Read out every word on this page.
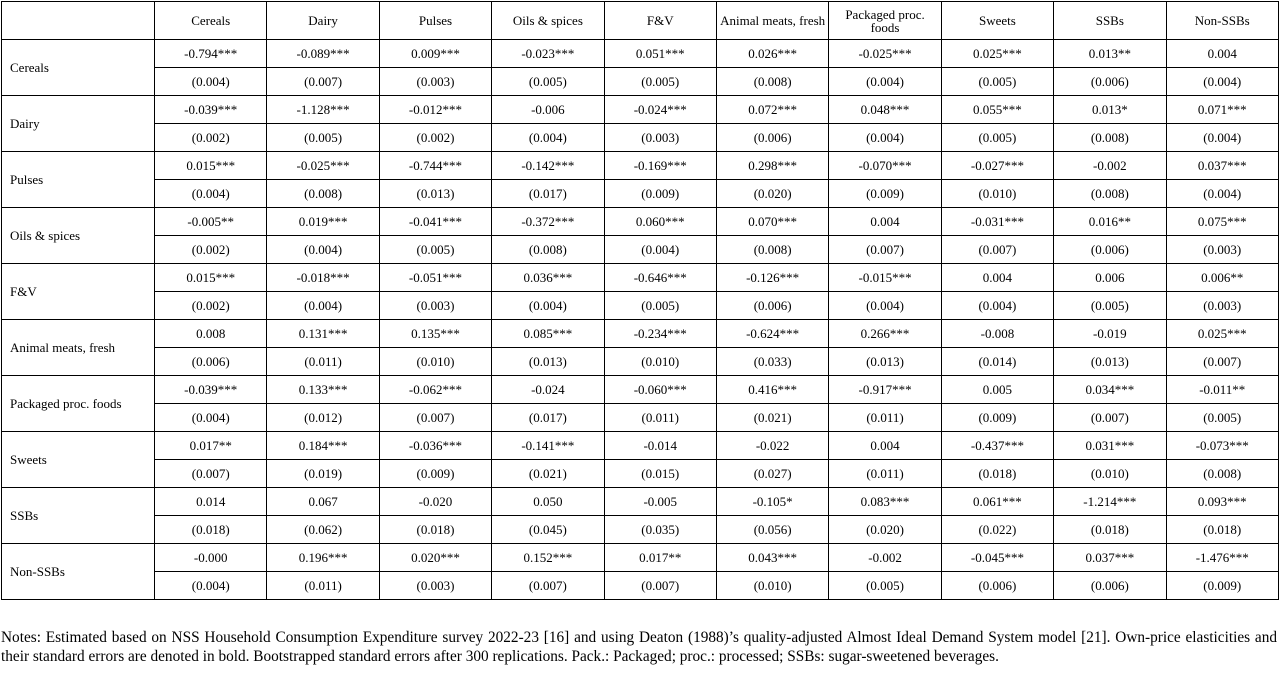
	Cereals	Dairy	Pulses	Oils & spices	F&V	Animal meats, fresh	Packaged proc. foods	Sweets	SSBs	Non-SSBs
Cereals	-0.794***	-0.089***	0.009***	-0.023***	0.051***	0.026***	-0.025***	0.025***	0.013**	0.004
	(0.004)	(0.007)	(0.003)	(0.005)	(0.005)	(0.008)	(0.004)	(0.005)	(0.006)	(0.004)
Dairy	-0.039***	-1.128***	-0.012***	-0.006	-0.024***	0.072***	0.048***	0.055***	0.013*	0.071***
	(0.002)	(0.005)	(0.002)	(0.004)	(0.003)	(0.006)	(0.004)	(0.005)	(0.008)	(0.004)
Pulses	0.015***	-0.025***	-0.744***	-0.142***	-0.169***	0.298***	-0.070***	-0.027***	-0.002	0.037***
	(0.004)	(0.008)	(0.013)	(0.017)	(0.009)	(0.020)	(0.009)	(0.010)	(0.008)	(0.004)
Oils & spices	-0.005**	0.019***	-0.041***	-0.372***	0.060***	0.070***	0.004	-0.031***	0.016**	0.075***
	(0.002)	(0.004)	(0.005)	(0.008)	(0.004)	(0.008)	(0.007)	(0.007)	(0.006)	(0.003)
F&V	0.015***	-0.018***	-0.051***	0.036***	-0.646***	-0.126***	-0.015***	0.004	0.006	0.006**
	(0.002)	(0.004)	(0.003)	(0.004)	(0.005)	(0.006)	(0.004)	(0.004)	(0.005)	(0.003)
Animal meats, fresh	0.008	0.131***	0.135***	0.085***	-0.234***	-0.624***	0.266***	-0.008	-0.019	0.025***
	(0.006)	(0.011)	(0.010)	(0.013)	(0.010)	(0.033)	(0.013)	(0.014)	(0.013)	(0.007)
Packaged proc. foods	-0.039***	0.133***	-0.062***	-0.024	-0.060***	0.416***	-0.917***	0.005	0.034***	-0.011**
	(0.004)	(0.012)	(0.007)	(0.017)	(0.011)	(0.021)	(0.011)	(0.009)	(0.007)	(0.005)
Sweets	0.017**	0.184***	-0.036***	-0.141***	-0.014	-0.022	0.004	-0.437***	0.031***	-0.073***
	(0.007)	(0.019)	(0.009)	(0.021)	(0.015)	(0.027)	(0.011)	(0.018)	(0.010)	(0.008)
SSBs	0.014	0.067	-0.020	0.050	-0.005	-0.105*	0.083***	0.061***	-1.214***	0.093***
	(0.018)	(0.062)	(0.018)	(0.045)	(0.035)	(0.056)	(0.020)	(0.022)	(0.018)	(0.018)
Non-SSBs	-0.000	0.196***	0.020***	0.152***	0.017**	0.043***	-0.002	-0.045***	0.037***	-1.476***
	(0.004)	(0.011)	(0.003)	(0.007)	(0.007)	(0.010)	(0.005)	(0.006)	(0.006)	(0.009)
Notes: Estimated based on NSS Household Consumption Expenditure survey 2022-23 [16] and using Deaton (1988)’s quality-adjusted Almost Ideal Demand System model [21]. Own-price elasticities and their standard errors are denoted in bold. Bootstrapped standard errors after 300 replications. Pack.: Packaged; proc.: processed; SSBs: sugar-sweetened beverages.
